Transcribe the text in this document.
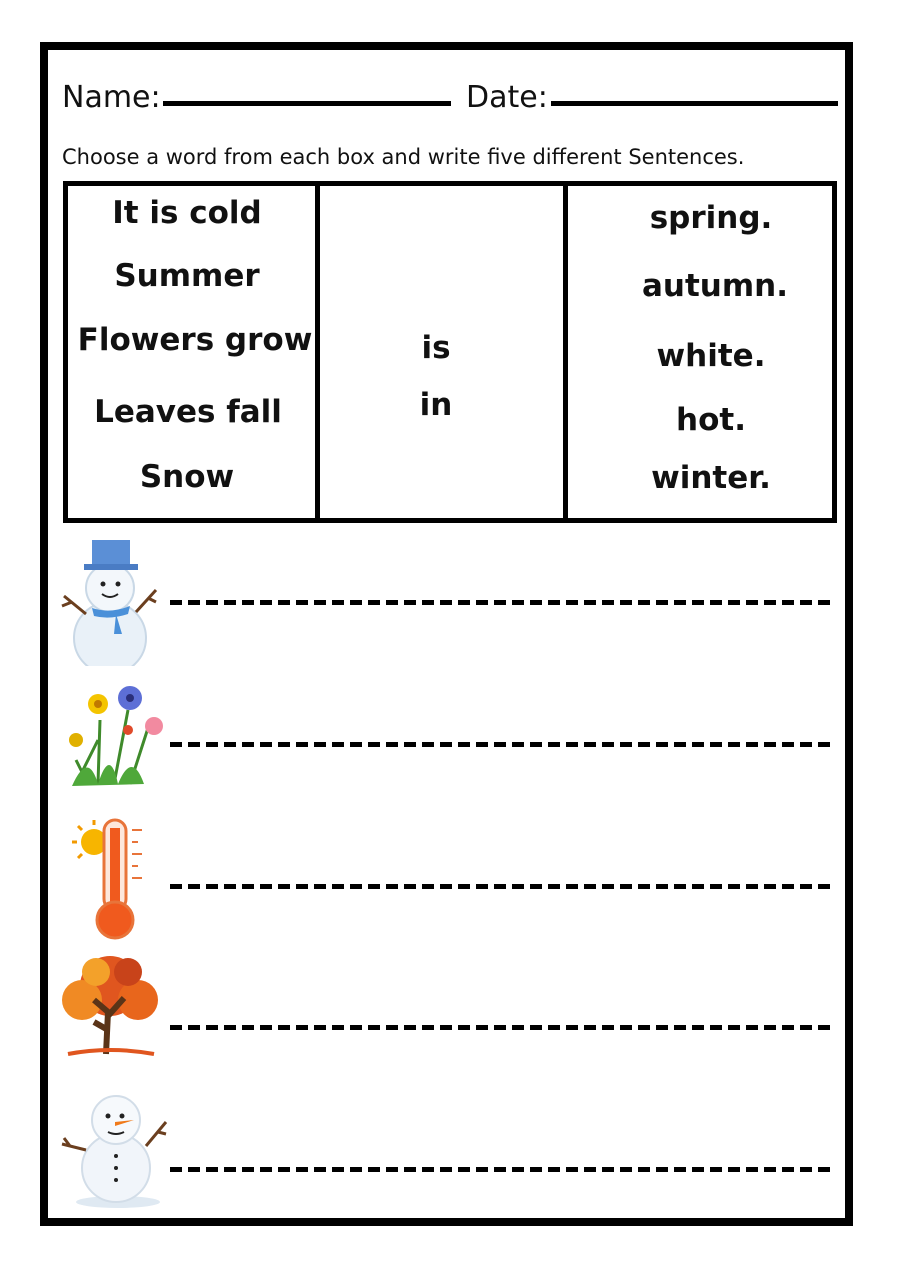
Name:	Date:
Choose a word from each box and write five different Sentences.
It is cold
Summer
Flowers grow
Leaves fall
Snow
is
in
spring.
autumn.
white.
hot.
winter.
